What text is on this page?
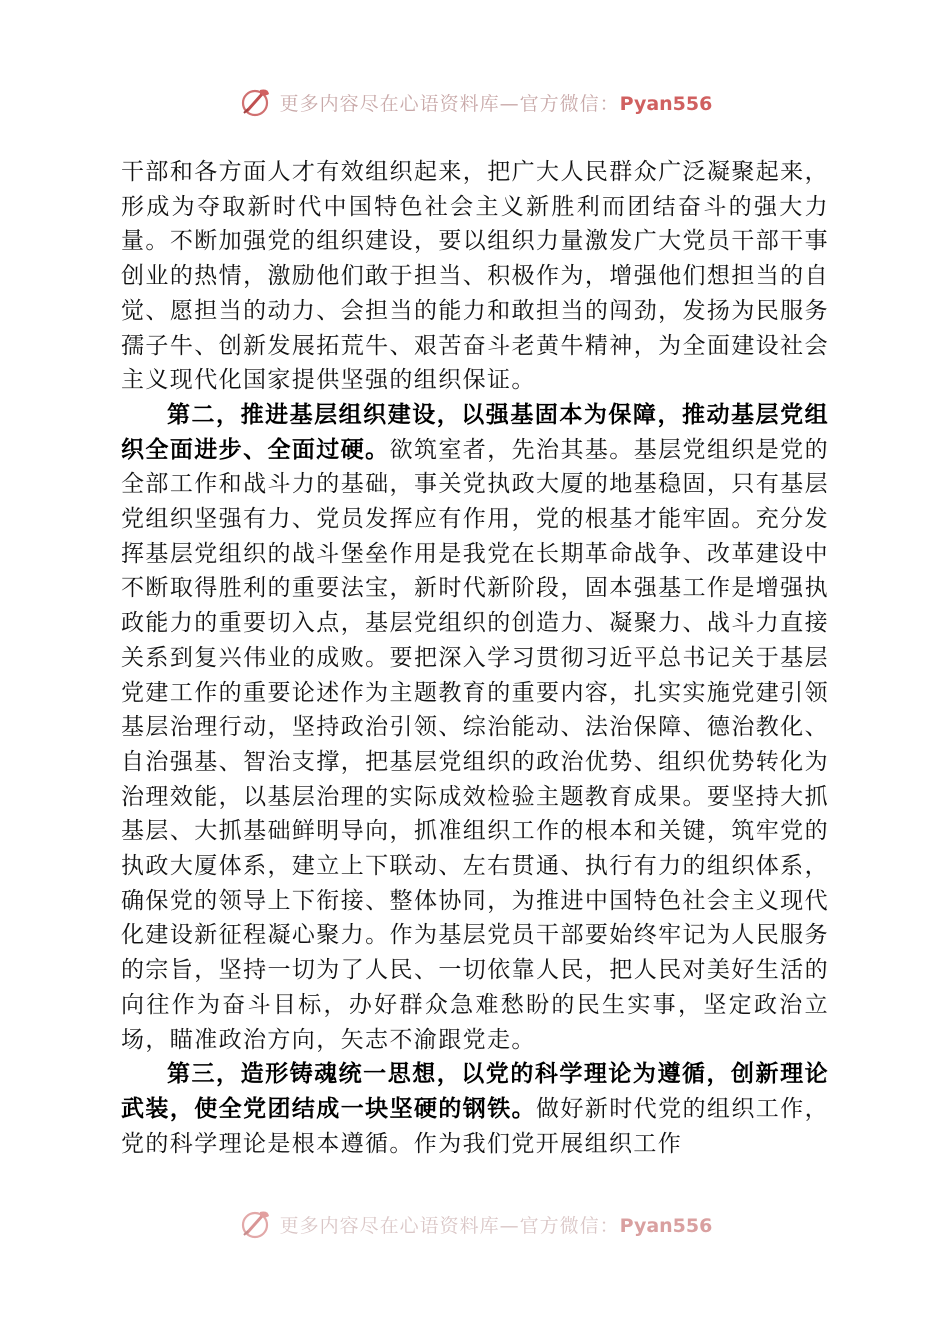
更多内容尽在心语资料库—官方微信：Pyan556

干部和各方面人才有效组织起来，把广大人民群众广泛凝聚起来，形成为夺取新时代中国特色社会主义新胜利而团结奋斗的强大力量。不断加强党的组织建设，要以组织力量激发广大党员干部干事创业的热情，激励他们敢于担当、积极作为，增强他们想担当的自觉、愿担当的动力、会担当的能力和敢担当的闯劲，发扬为民服务孺子牛、创新发展拓荒牛、艰苦奋斗老黄牛精神，为全面建设社会主义现代化国家提供坚强的组织保证。

第二，推进基层组织建设，以强基固本为保障，推动基层党组织全面进步、全面过硬。欲筑室者，先治其基。基层党组织是党的全部工作和战斗力的基础，事关党执政大厦的地基稳固，只有基层党组织坚强有力、党员发挥应有作用，党的根基才能牢固。充分发挥基层党组织的战斗堡垒作用是我党在长期革命战争、改革建设中不断取得胜利的重要法宝，新时代新阶段，固本强基工作是增强执政能力的重要切入点，基层党组织的创造力、凝聚力、战斗力直接关系到复兴伟业的成败。要把深入学习贯彻习近平总书记关于基层党建工作的重要论述作为主题教育的重要内容，扎实实施党建引领基层治理行动，坚持政治引领、综治能动、法治保障、德治教化、自治强基、智治支撑，把基层党组织的政治优势、组织优势转化为治理效能，以基层治理的实际成效检验主题教育成果。要坚持大抓基层、大抓基础鲜明导向，抓准组织工作的根本和关键，筑牢党的执政大厦体系，建立上下联动、左右贯通、执行有力的组织体系，确保党的领导上下衔接、整体协同，为推进中国特色社会主义现代化建设新征程凝心聚力。作为基层党员干部要始终牢记为人民服务的宗旨，坚持一切为了人民、一切依靠人民，把人民对美好生活的向往作为奋斗目标，办好群众急难愁盼的民生实事，坚定政治立场，瞄准政治方向，矢志不渝跟党走。

第三，造形铸魂统一思想，以党的科学理论为遵循，创新理论武装，使全党团结成一块坚硬的钢铁。做好新时代党的组织工作，党的科学理论是根本遵循。作为我们党开展组织工作

更多内容尽在心语资料库—官方微信：Pyan556
